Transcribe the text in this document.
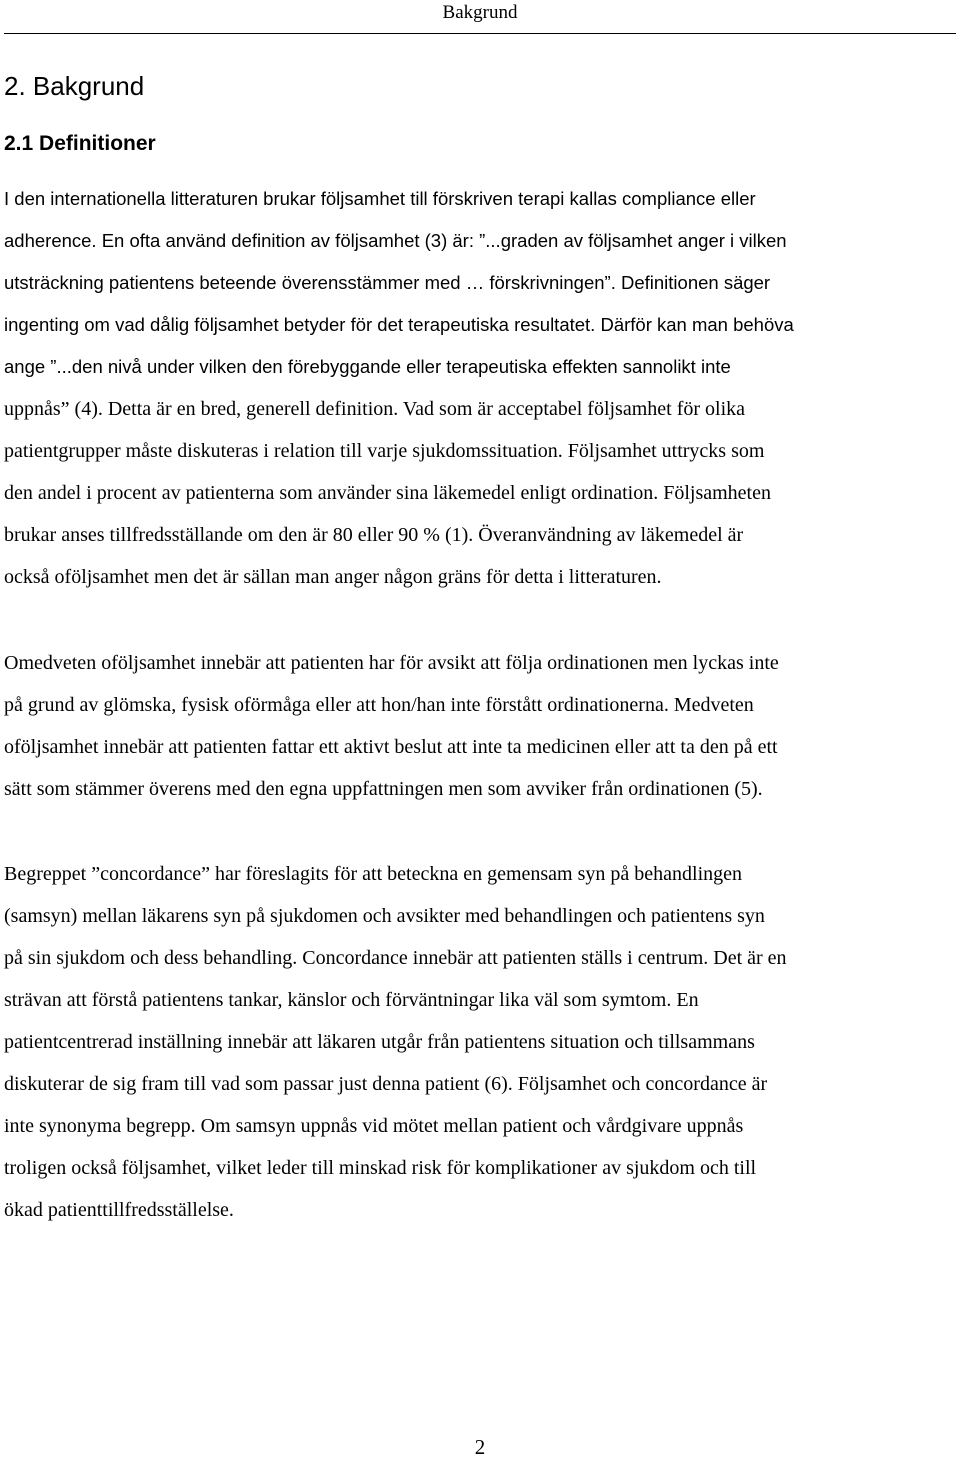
Bakgrund
2. Bakgrund
2.1 Definitioner
I den internationella litteraturen brukar följsamhet till förskriven terapi kallas compliance eller
adherence. En ofta använd definition av följsamhet (3) är: ”...graden av följsamhet anger i vilken
utsträckning patientens beteende överensstämmer med … förskrivningen”. Definitionen säger
ingenting om vad dålig följsamhet betyder för det terapeutiska resultatet. Därför kan man behöva
ange ”...den nivå under vilken den förebyggande eller terapeutiska effekten sannolikt inte
uppnås” (4). Detta är en bred, generell definition. Vad som är acceptabel följsamhet för olika
patientgrupper måste diskuteras i relation till varje sjukdomssituation. Följsamhet uttrycks som
den andel i procent av patienterna som använder sina läkemedel enligt ordination. Följsamheten
brukar anses tillfredsställande om den är 80 eller 90 % (1). Överanvändning av läkemedel är
också oföljsamhet men det är sällan man anger någon gräns för detta i litteraturen.
Omedveten oföljsamhet innebär att patienten har för avsikt att följa ordinationen men lyckas inte
på grund av glömska, fysisk oförmåga eller att hon/han inte förstått ordinationerna. Medveten
oföljsamhet innebär att patienten fattar ett aktivt beslut att inte ta medicinen eller att ta den på ett
sätt som stämmer överens med den egna uppfattningen men som avviker från ordinationen (5).
Begreppet ”concordance” har föreslagits för att beteckna en gemensam syn på behandlingen
(samsyn) mellan läkarens syn på sjukdomen och avsikter med behandlingen och patientens syn
på sin sjukdom och dess behandling. Concordance innebär att patienten ställs i centrum. Det är en
strävan att förstå patientens tankar, känslor och förväntningar lika väl som symtom. En
patientcentrerad inställning innebär att läkaren utgår från patientens situation och tillsammans
diskuterar de sig fram till vad som passar just denna patient (6). Följsamhet och concordance är
inte synonyma begrepp. Om samsyn uppnås vid mötet mellan patient och vårdgivare uppnås
troligen också följsamhet, vilket leder till minskad risk för komplikationer av sjukdom och till
ökad patienttillfredsställelse.
2
